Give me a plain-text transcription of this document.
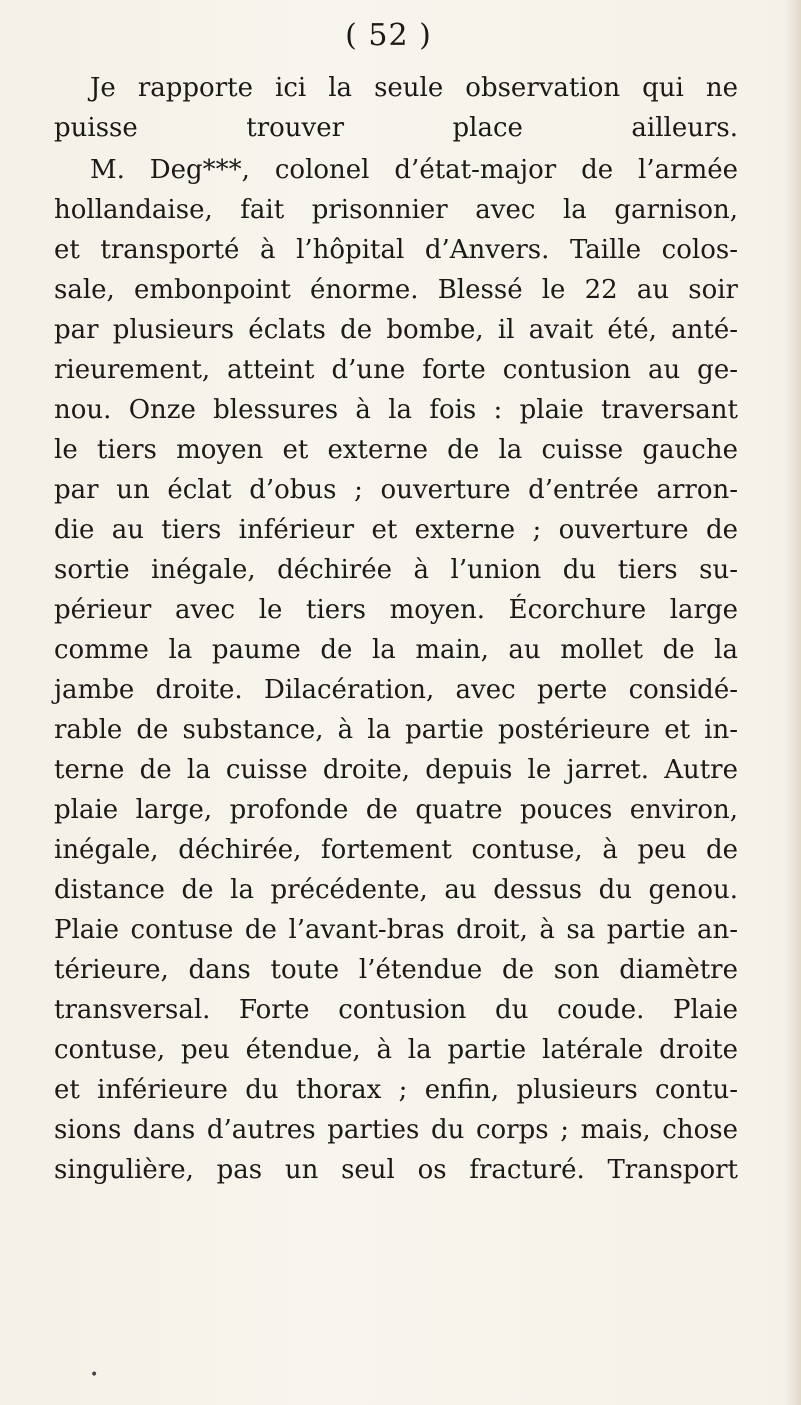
( 52 )
Je rapporte ici la seule observation qui ne
puisse trouver place ailleurs.
M. Deg***, colonel d’état-major de l’armée
hollandaise, fait prisonnier avec la garnison,
et transporté à l’hôpital d’Anvers. Taille colos-
sale, embonpoint énorme. Blessé le 22 au soir
par plusieurs éclats de bombe, il avait été, anté-
rieurement, atteint d’une forte contusion au ge-
nou. Onze blessures à la fois : plaie traversant
le tiers moyen et externe de la cuisse gauche
par un éclat d’obus ; ouverture d’entrée arron-
die au tiers inférieur et externe ; ouverture de
sortie inégale, déchirée à l’union du tiers su-
périeur avec le tiers moyen. Écorchure large
comme la paume de la main, au mollet de la
jambe droite. Dilacération, avec perte considé-
rable de substance, à la partie postérieure et in-
terne de la cuisse droite, depuis le jarret. Autre
plaie large, profonde de quatre pouces environ,
inégale, déchirée, fortement contuse, à peu de
distance de la précédente, au dessus du genou.
Plaie contuse de l’avant-bras droit, à sa partie an-
térieure, dans toute l’étendue de son diamètre
transversal. Forte contusion du coude. Plaie
contuse, peu étendue, à la partie latérale droite
et inférieure du thorax ; enfin, plusieurs contu-
sions dans d’autres parties du corps ; mais, chose
singulière, pas un seul os fracturé. Transport
•
